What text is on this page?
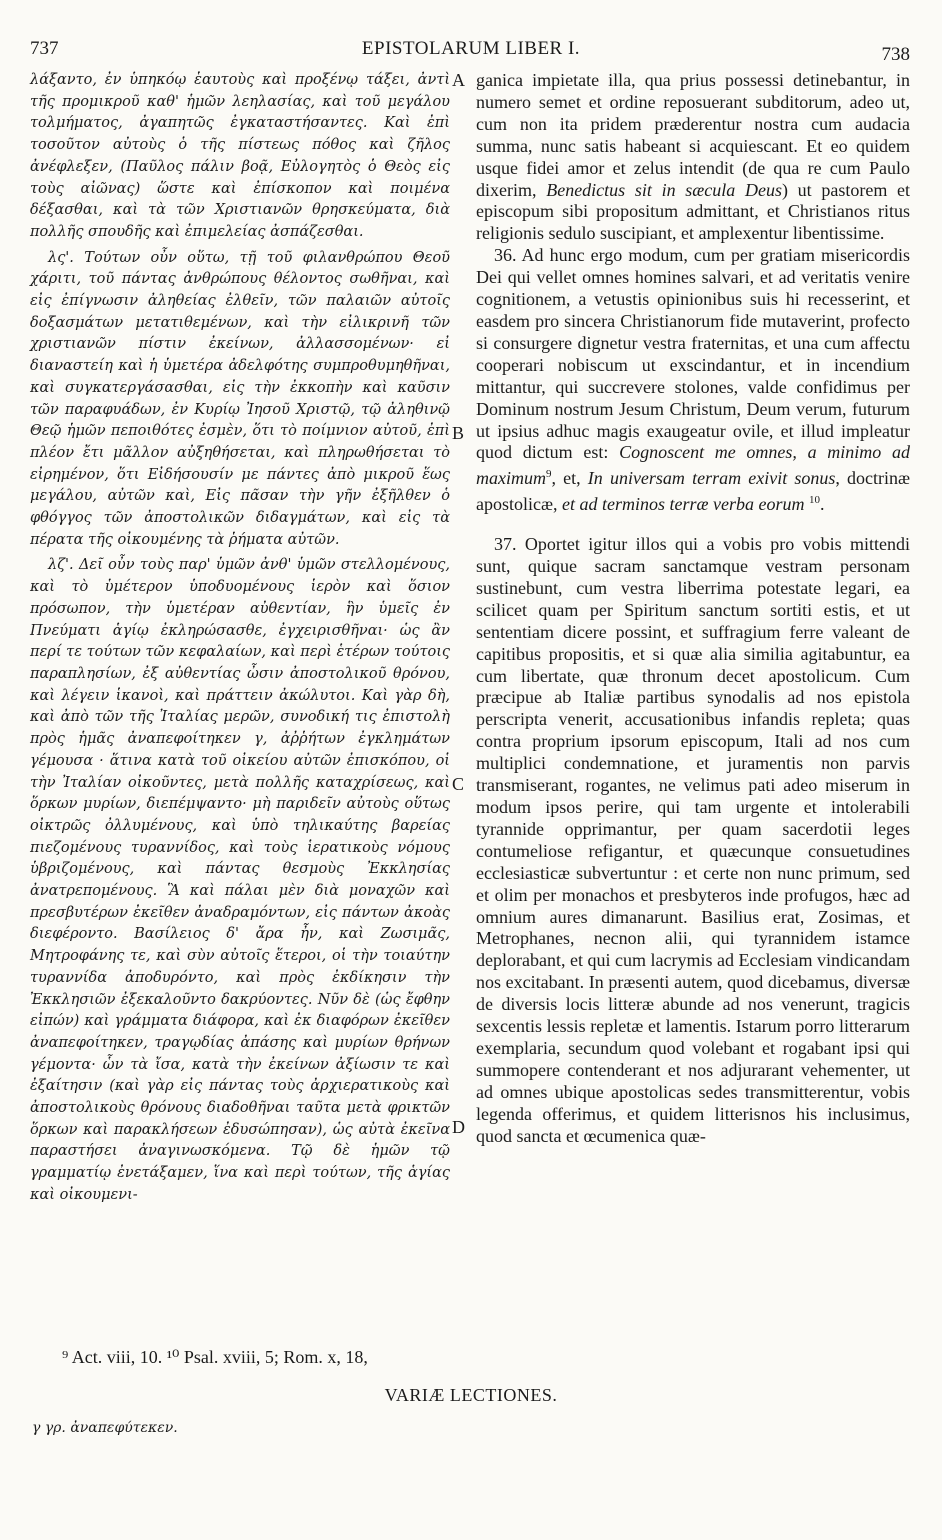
737	EPISTOLARUM LIBER I.	738

λάξαντο, ἐν ὑπηκόῳ ἑαυτοὺς καὶ προξένῳ τάξει, ἀντὶ τῆς προμικροῦ καθ' ἡμῶν λεηλασίας, καὶ τοῦ μεγάλου τολμήματος, ἀγαπητῶς ἐγκαταστήσαντες. Καὶ ἐπὶ τοσοῦτον αὐτοὺς ὁ τῆς πίστεως πόθος καὶ ζῆλος ἀνέφλεξεν, (Παῦλος πάλιν βοᾷ, Εὐλογητὸς ὁ Θεὸς εἰς τοὺς αἰῶνας) ὥστε καὶ ἐπίσκοπον καὶ ποιμένα δέξασθαι, καὶ τὰ τῶν Χριστιανῶν θρησκεύματα, διὰ πολλῆς σπουδῆς καὶ ἐπιμελείας ἀσπάζεσθαι.

λς'. Τούτων οὖν οὕτω, τῇ τοῦ φιλανθρώπου Θεοῦ χάριτι, τοῦ πάντας ἀνθρώπους θέλοντος σωθῆναι, καὶ εἰς ἐπίγνωσιν ἀληθείας ἐλθεῖν, τῶν παλαιῶν αὐτοῖς δοξασμάτων μετατιθεμένων, καὶ τὴν εἰλικρινῆ τῶν χριστιανῶν πίστιν ἐκείνων, ἀλλασσομένων· εἰ διαναστείη καὶ ἡ ὑμετέρα ἀδελφότης συμπροθυμηθῆναι, καὶ συγκατεργάσασθαι, εἰς τὴν ἐκκοπὴν καὶ καῦσιν τῶν παραφυάδων, ἐν Κυρίῳ Ἰησοῦ Χριστῷ, τῷ ἀληθινῷ Θεῷ ἡμῶν πεποιθότες ἐσμὲν, ὅτι τὸ ποίμνιον αὐτοῦ, ἐπὶ πλέον ἔτι μᾶλλον αὐξηθήσεται, καὶ πληρωθήσεται τὸ εἰρημένον, ὅτι Εἰδήσουσίν με πάντες ἀπὸ μικροῦ ἕως μεγάλου, αὐτῶν καὶ, Εἰς πᾶσαν τὴν γῆν ἐξῆλθεν ὁ φθόγγος τῶν ἀποστολικῶν διδαγμάτων, καὶ εἰς τὰ πέρατα τῆς οἰκουμένης τὰ ῥήματα αὐτῶν.

λζ'. Δεῖ οὖν τοὺς παρ' ὑμῶν ἀνθ' ὑμῶν στελλομένους, καὶ τὸ ὑμέτερον ὑποδυομένους ἱερὸν καὶ ὅσιον πρόσωπον, τὴν ὑμετέραν αὐθεντίαν, ἣν ὑμεῖς ἐν Πνεύματι ἁγίῳ ἐκληρώσασθε, ἐγχειρισθῆναι· ὡς ἂν περί τε τούτων τῶν κεφαλαίων, καὶ περὶ ἑτέρων τούτοις παραπλησίων, ἐξ αὐθεντίας ὦσιν ἀποστολικοῦ θρόνου, καὶ λέγειν ἱκανοὶ, καὶ πράττειν ἀκώλυτοι. Καὶ γὰρ δὴ, καὶ ἀπὸ τῶν τῆς Ἰταλίας μερῶν, συνοδική τις ἐπιστολὴ πρὸς ἡμᾶς ἀναπεφοίτηκεν γ, ἀῤῥήτων ἐγκλημάτων γέμουσα · ἅτινα κατὰ τοῦ οἰκείου αὐτῶν ἐπισκόπου, οἱ τὴν Ἰταλίαν οἰκοῦντες, μετὰ πολλῆς καταχρίσεως, καὶ ὅρκων μυρίων, διεπέμψαντο· μὴ παριδεῖν αὐτοὺς οὕτως οἰκτρῶς ὀλλυμένους, καὶ ὑπὸ τηλικαύτης βαρείας πιεζομένους τυραννίδος, καὶ τοὺς ἱερατικοὺς νόμους ὑβριζομένους, καὶ πάντας θεσμοὺς Ἐκκλησίας ἀνατρεπομένους. Ἃ καὶ πάλαι μὲν διὰ μοναχῶν καὶ πρεσβυτέρων ἐκεῖθεν ἀναδραμόντων, εἰς πάντων ἀκοὰς διεφέροντο. Βασίλειος δ' ἄρα ἦν, καὶ Ζωσιμᾶς, Μητροφάνης τε, καὶ σὺν αὐτοῖς ἕτεροι, οἱ τὴν τοιαύτην τυραννίδα ἀποδυρόντο, καὶ πρὸς ἐκδίκησιν τὴν Ἐκκλησιῶν ἐξεκαλοῦντο δακρύοντες. Νῦν δὲ (ὡς ἔφθην εἰπών) καὶ γράμματα διάφορα, καὶ ἐκ διαφόρων ἐκεῖθεν ἀναπεφοίτηκεν, τραγῳδίας ἀπάσης καὶ μυρίων θρήνων γέμοντα· ὧν τὰ ἴσα, κατὰ τὴν ἐκείνων ἀξίωσιν τε καὶ ἐξαίτησιν (καὶ γὰρ εἰς πάντας τοὺς ἀρχιερατικοὺς καὶ ἀποστολικοὺς θρόνους διαδοθῆναι ταῦτα μετὰ φρικτῶν ὅρκων καὶ παρακλήσεων ἐδυσώπησαν), ὡς αὐτὰ ἐκεῖνα παραστήσει ἀναγινωσκόμενα. Τῷ δὲ ἡμῶν τῷ γραμματίῳ ἐνετάξαμεν, ἵνα καὶ περὶ τούτων, τῆς ἁγίας καὶ οἰκουμενι-

A
B
C
D

ganica impietate illa, qua prius possessi detinebantur, in numero semet et ordine reposuerant subditorum, adeo ut, cum non ita pridem præderentur nostra cum audacia summa, nunc satis habeant si acquiescant. Et eo quidem usque fidei amor et zelus intendit (de qua re cum Paulo dixerim, Benedictus sit in sæcula Deus) ut pastorem et episcopum sibi propositum admittant, et Christianos ritus religionis sedulo suscipiant, et amplexentur libentissime.

36. Ad hunc ergo modum, cum per gratiam misericordis Dei qui vellet omnes homines salvari, et ad veritatis venire cognitionem, a vetustis opinionibus suis hi recesserint, et easdem pro sincera Christianorum fide mutaverint, profecto si consurgere dignetur vestra fraternitas, et una cum affectu cooperari nobiscum ut exscindantur, et in incendium mittantur, qui succrevere stolones, valde confidimus per Dominum nostrum Jesum Christum, Deum verum, futurum ut ipsius adhuc magis exaugeatur ovile, et illud impleatur quod dictum est: Cognoscent me omnes, a minimo ad maximum$^9$, et, In universam terram exivit sonus, doctrinæ apostolicæ, et ad terminos terræ verba eorum $^{10}$.

37. Oportet igitur illos qui a vobis pro vobis mittendi sunt, quique sacram sanctamque vestram personam sustinebunt, cum vestra liberrima potestate legari, ea scilicet quam per Spiritum sanctum sortiti estis, et ut sententiam dicere possint, et suffragium ferre valeant de capitibus propositis, et si quæ alia similia agitabuntur, ea cum libertate, quæ thronum decet apostolicum. Cum præcipue ab Italiæ partibus synodalis ad nos epistola perscripta venerit, accusationibus infandis repleta; quas contra proprium ipsorum episcopum, Itali ad nos cum multiplici condemnatione, et juramentis non parvis transmiserant, rogantes, ne velimus pati adeo miserum in modum ipsos perire, qui tam urgente et intolerabili tyrannide opprimantur, per quam sacerdotii leges contumeliose refigantur, et quæcunque consuetudines ecclesiasticæ subvertuntur : et certe non nunc primum, sed et olim per monachos et presbyteros inde profugos, hæc ad omnium aures dimanarunt. Basilius erat, Zosimas, et Metrophanes, necnon alii, qui tyrannidem istamce deplorabant, et qui cum lacrymis ad Ecclesiam vindicandam nos excitabant. In præsenti autem, quod dicebamus, diversæ de diversis locis litteræ abunde ad nos venerunt, tragicis sexcentis lessis repletæ et lamentis. Istarum porro litterarum exemplaria, secundum quod volebant et rogabant ipsi qui summopere contenderant et nos adjurarant vehementer, ut ad omnes ubique apostolicas sedes transmitterentur, vobis legenda offerimus, et quidem litterisnos his inclusimus, quod sancta et œcumenica quæ-

⁹ Act. viii, 10. ¹⁰ Psal. xviii, 5; Rom. x, 18,
VARIÆ LECTIONES.
γ γρ. ἀναπεφύτεκεν.
